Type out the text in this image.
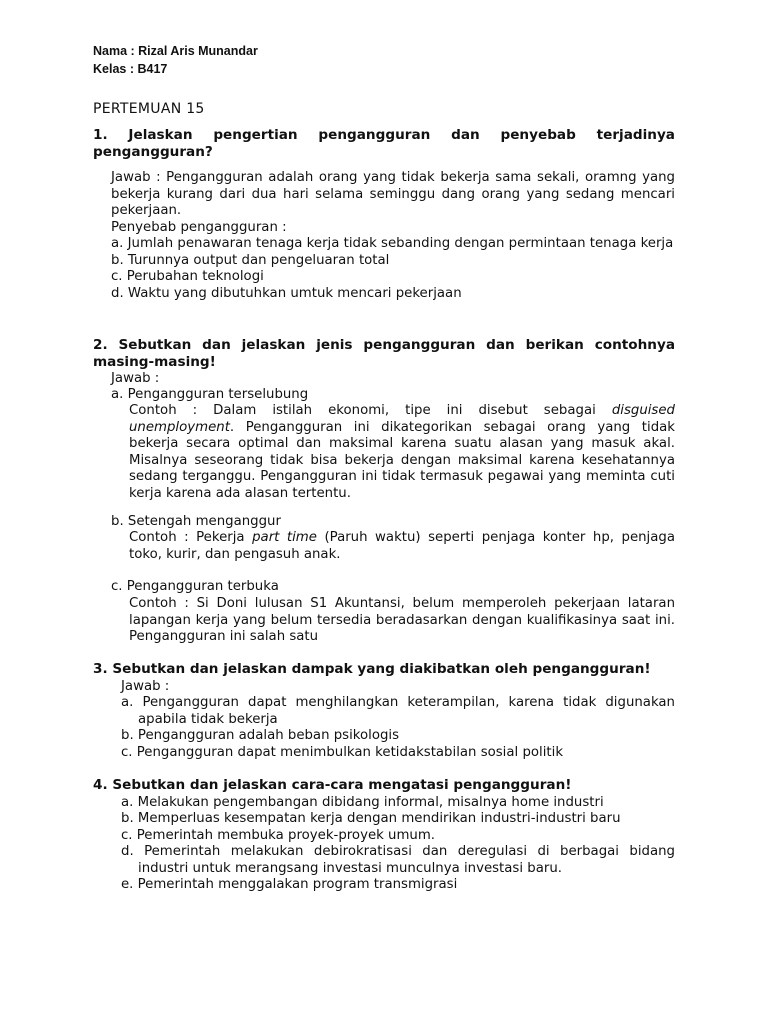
Nama : Rizal Aris Munandar
Kelas : B417
PERTEMUAN 15

1.   Jelaskan   pengertian   pengangguran   dan   penyebab   terjadinya

pengangguran?

Jawab : Pengangguran adalah orang yang tidak bekerja sama sekali, oramng yang bekerja kurang dari dua hari selama seminggu dang orang yang sedang mencari pekerjaan.

Penyebab pengangguran :

a. Jumlah penawaran tenaga kerja tidak sebanding dengan permintaan tenaga kerja

b. Turunnya output dan pengeluaran total

c. Perubahan teknologi

d. Waktu yang dibutuhkan umtuk mencari pekerjaan

2. Sebutkan dan jelaskan jenis pengangguran dan berikan contohnya masing-masing!
Jawab :
a. Pengangguran terselubung
Contoh : Dalam istilah ekonomi, tipe ini disebut sebagai disguised unemployment. Pengangguran ini dikategorikan sebagai orang yang tidak bekerja secara optimal dan maksimal karena suatu alasan yang masuk akal. Misalnya seseorang tidak bisa bekerja dengan maksimal karena kesehatannya sedang terganggu. Pengangguran ini tidak termasuk pegawai yang meminta cuti kerja karena ada alasan tertentu.
b. Setengah menganggur
Contoh : Pekerja part time (Paruh waktu) seperti penjaga konter hp, penjaga toko, kurir, dan pengasuh anak.
c. Pengangguran terbuka
Contoh : Si Doni lulusan S1 Akuntansi, belum memperoleh pekerjaan lataran lapangan kerja yang belum tersedia beradasarkan dengan kualifikasinya saat ini. Pengangguran ini salah satu
3. Sebutkan dan jelaskan dampak yang diakibatkan oleh pengangguran!
Jawab :
a. Pengangguran dapat menghilangkan keterampilan, karena tidak digunakan apabila tidak bekerja
b. Pengangguran adalah beban psikologis
c. Pengangguran dapat menimbulkan ketidakstabilan sosial politik
4. Sebutkan dan jelaskan cara-cara mengatasi pengangguran!
a. Melakukan pengembangan dibidang informal, misalnya home industri
b. Memperluas kesempatan kerja dengan mendirikan industri-industri baru
c. Pemerintah membuka proyek-proyek umum.
d. Pemerintah melakukan debirokratisasi dan deregulasi di berbagai bidang industri untuk merangsang investasi munculnya investasi baru.
e. Pemerintah menggalakan program transmigrasi
